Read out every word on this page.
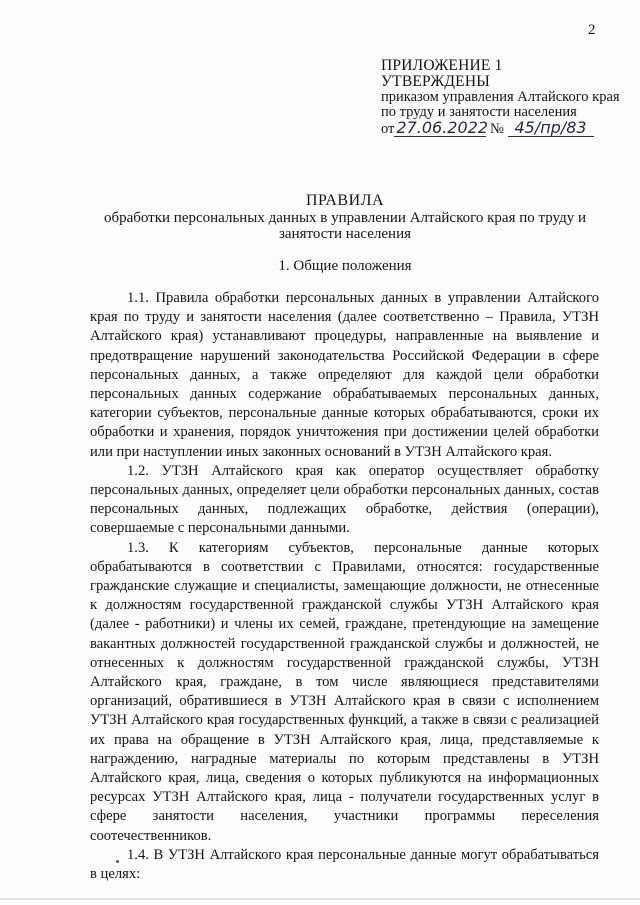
2
ПРИЛОЖЕНИЕ 1
УТВЕРЖДЕНЫ
приказом управления Алтайского края по труду и занятости населения
от 27.06.2022 № 45/пр/83
ПРАВИЛА
обработки персональных данных в управлении Алтайского края по труду и занятости населения
1. Общие положения

1.1. Правила обработки персональных данных в управлении Алтайского края по труду и занятости населения (далее соответственно – Правила, УТЗН Алтайского края) устанавливают процедуры, направленные на выявление и предотвращение нарушений законодательства Российской Федерации в сфере персональных данных, а также определяют для каждой цели обработки персональных данных содержание обрабатываемых персональных данных, категории субъектов, персональные данные которых обрабатываются, сроки их обработки и хранения, порядок уничтожения при достижении целей обработки или при наступлении иных законных оснований в УТЗН Алтайского края.

1.2. УТЗН Алтайского края как оператор осуществляет обработку персональных данных, определяет цели обработки персональных данных, состав персональных данных, подлежащих обработке, действия (операции), совершаемые с персональными данными.

1.3. К категориям субъектов, персональные данные которых обрабатываются в соответствии с Правилами, относятся: государственные гражданские служащие и специалисты, замещающие должности, не отнесенные к должностям государственной гражданской службы УТЗН Алтайского края (далее - работники) и члены их семей, граждане, претендующие на замещение вакантных должностей государственной гражданской службы и должностей, не отнесенных к должностям государственной гражданской службы, УТЗН Алтайского края, граждане, в том числе являющиеся представителями организаций, обратившиеся в УТЗН Алтайского края в связи с исполнением УТЗН Алтайского края государственных функций, а также в связи с реализацией их права на обращение в УТЗН Алтайского края, лица, представляемые к награждению, наградные материалы по которым представлены в УТЗН Алтайского края, лица, сведения о которых публикуются на информационных ресурсах УТЗН Алтайского края, лица - получатели государственных услуг в сфере занятости населения, участники программы переселения соотечественников.

1.4. В УТЗН Алтайского края персональные данные могут обрабатываться в целях:
